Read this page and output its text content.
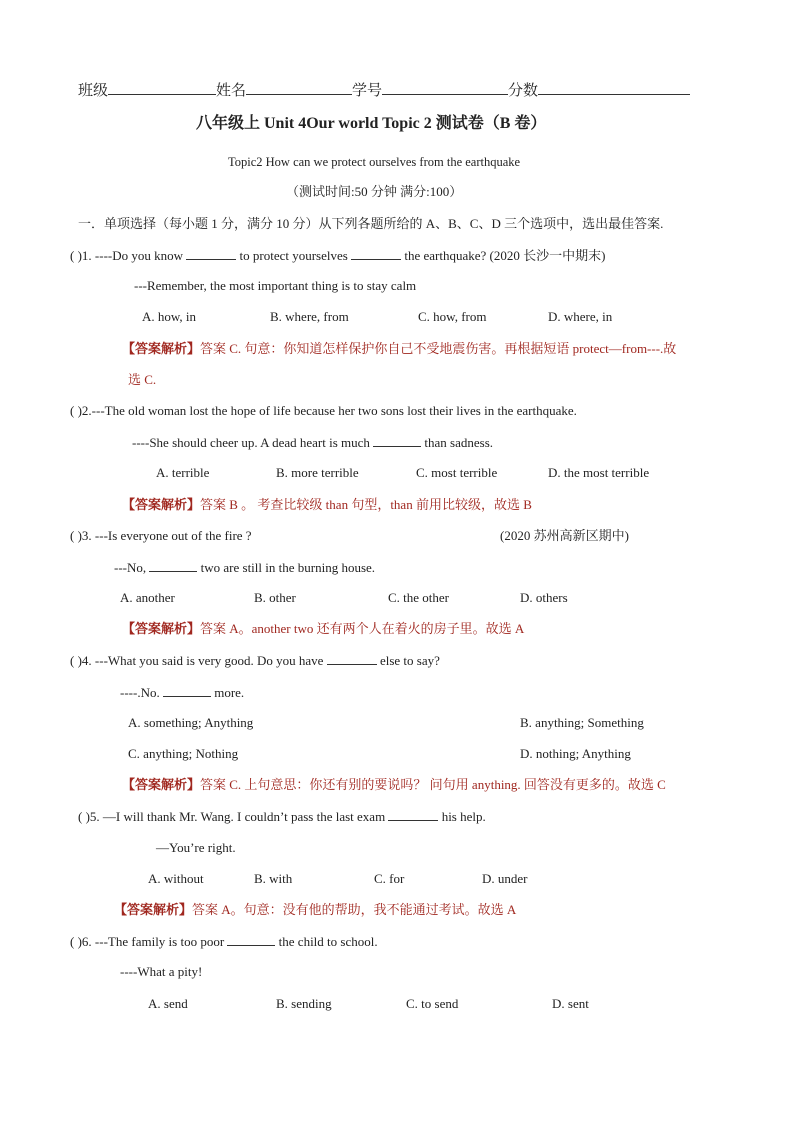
班级	姓名	学号	分数
八年级上 Unit 4Our world Topic 2 测试卷（B 卷）
Topic2 How can we protect ourselves from the earthquake
（测试时间:50 分钟 满分:100）
一．单项选择（每小题 1 分，满分 10 分）从下列各题所给的 A、B、C、D 三个选项中，选出最佳答案.
( )1. ----Do you know	to protect yourselves	the earthquake? (2020 长沙一中期末)
---Remember, the most important thing is to stay calm
A. how, in	B. where, from	C. how, from	D. where, in
【答案解析】答案 C. 句意：你知道怎样保护你自己不受地震伤害。再根据短语 protect—from---.故
选 C.
( )2.---The old woman lost the hope of life because her two sons lost their lives in the earthquake.
----She should cheer up. A dead heart is much	than sadness.
A. terrible	B. more terrible	C. most terrible	D. the most terrible
【答案解析】答案 B 。 考查比较级 than 句型，than 前用比较级，故选 B
( )3. ---Is everyone out of the fire ?	(2020 苏州高新区期中)
---No,	two are still in the burning house.
A. another	B. other	C. the other	D. others
【答案解析】答案 A。another two 还有两个人在着火的房子里。故选 A
( )4. ---What you said is very good. Do you have	else to say?
----.No.	more.
A. something; Anything	B. anything; Something
C. anything; Nothing	D. nothing; Anything
【答案解析】答案 C. 上句意思：你还有别的要说吗？ 问句用 anything. 回答没有更多的。故选 C
( )5. —I will thank Mr. Wang. I couldn’t pass the last exam	his help.
—You’re right.
A. without	B. with	C. for	D. under
【答案解析】答案 A。句意：没有他的帮助，我不能通过考试。故选 A
( )6. ---The family is too poor	the child to school.
----What a pity!
A. send	B. sending	C. to send	D. sent
